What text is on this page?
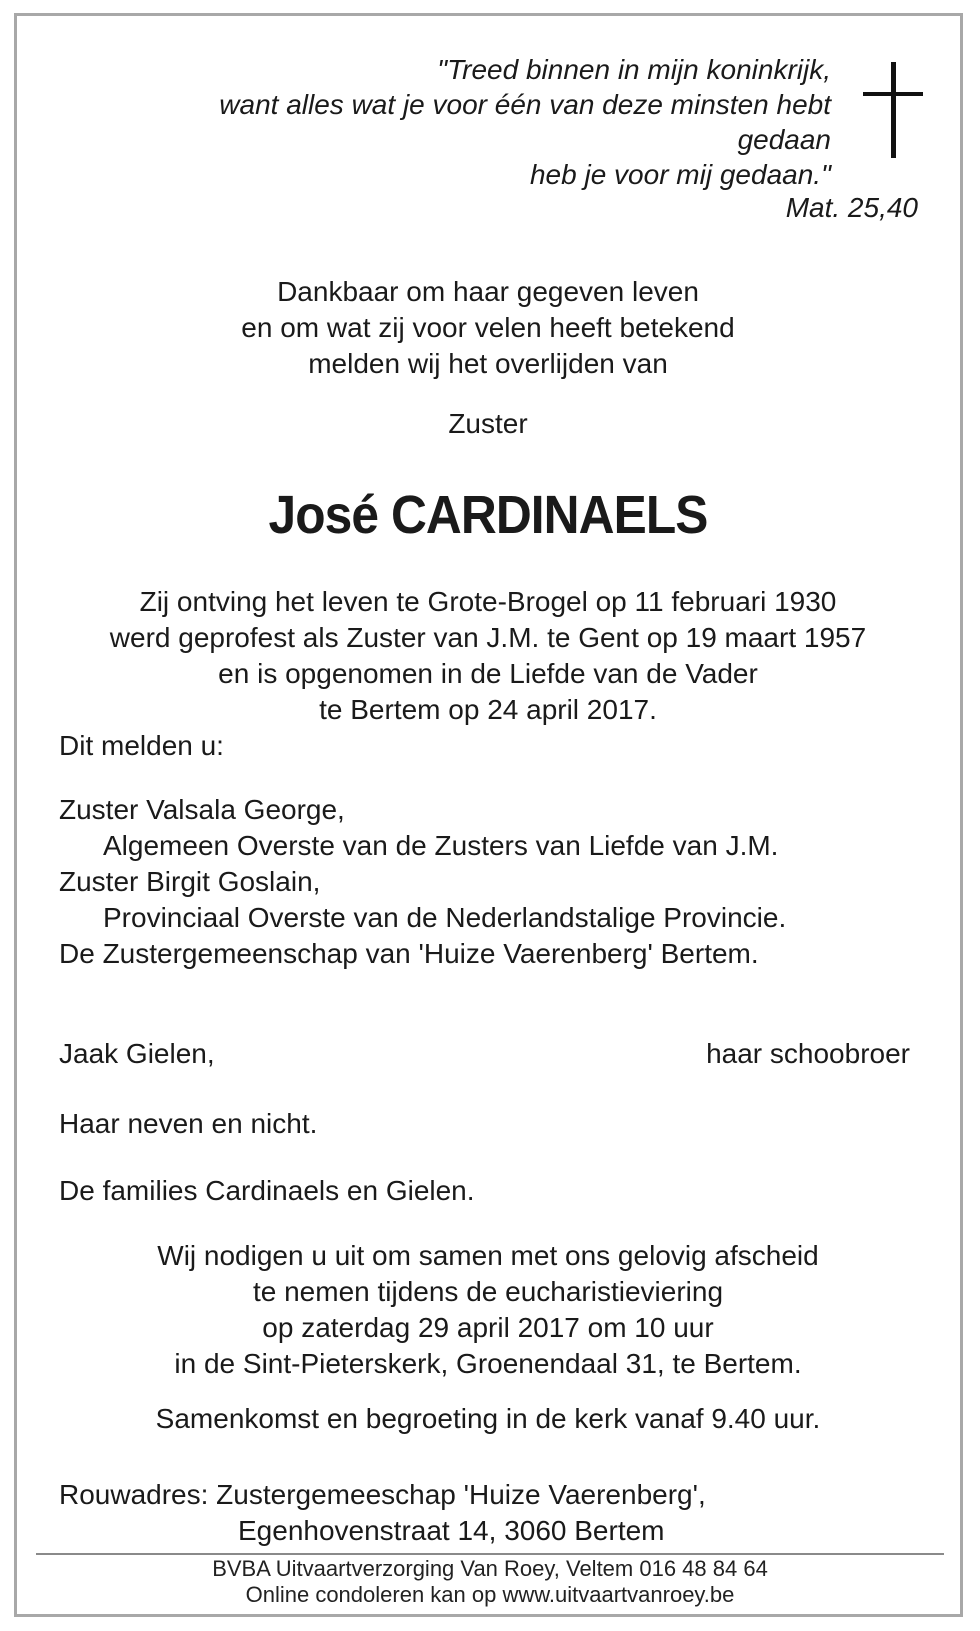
"Treed binnen in mijn koninkrijk,
want alles wat je voor één van deze minsten hebt
gedaan
heb je voor mij gedaan."
Mat. 25,40
Dankbaar om haar gegeven leven
en om wat zij voor velen heeft betekend
melden wij het overlijden van
Zuster
José CARDINAELS
Zij ontving het leven te Grote-Brogel op 11 februari 1930
werd geprofest als Zuster van J.M. te Gent op 19 maart 1957
en is opgenomen in de Liefde van de Vader
te Bertem op 24 april 2017.
Dit melden u:
Zuster Valsala George,
Algemeen Overste van de Zusters van Liefde van J.M.
Zuster Birgit Goslain,
Provinciaal Overste van de Nederlandstalige Provincie.
De Zustergemeenschap van 'Huize Vaerenberg' Bertem.
Jaak Gielen,	haar schoobroer
Haar neven en nicht.
De families Cardinaels en Gielen.
Wij nodigen u uit om samen met ons gelovig afscheid
te nemen tijdens de eucharistieviering
op zaterdag 29 april 2017 om 10 uur
in de Sint-Pieterskerk, Groenendaal 31, te Bertem.
Samenkomst en begroeting in de kerk vanaf 9.40 uur.
Rouwadres: Zustergemeeschap 'Huize Vaerenberg',
Egenhovenstraat 14, 3060 Bertem
BVBA Uitvaartverzorging Van Roey, Veltem 016 48 84 64
Online condoleren kan op www.uitvaartvanroey.be
